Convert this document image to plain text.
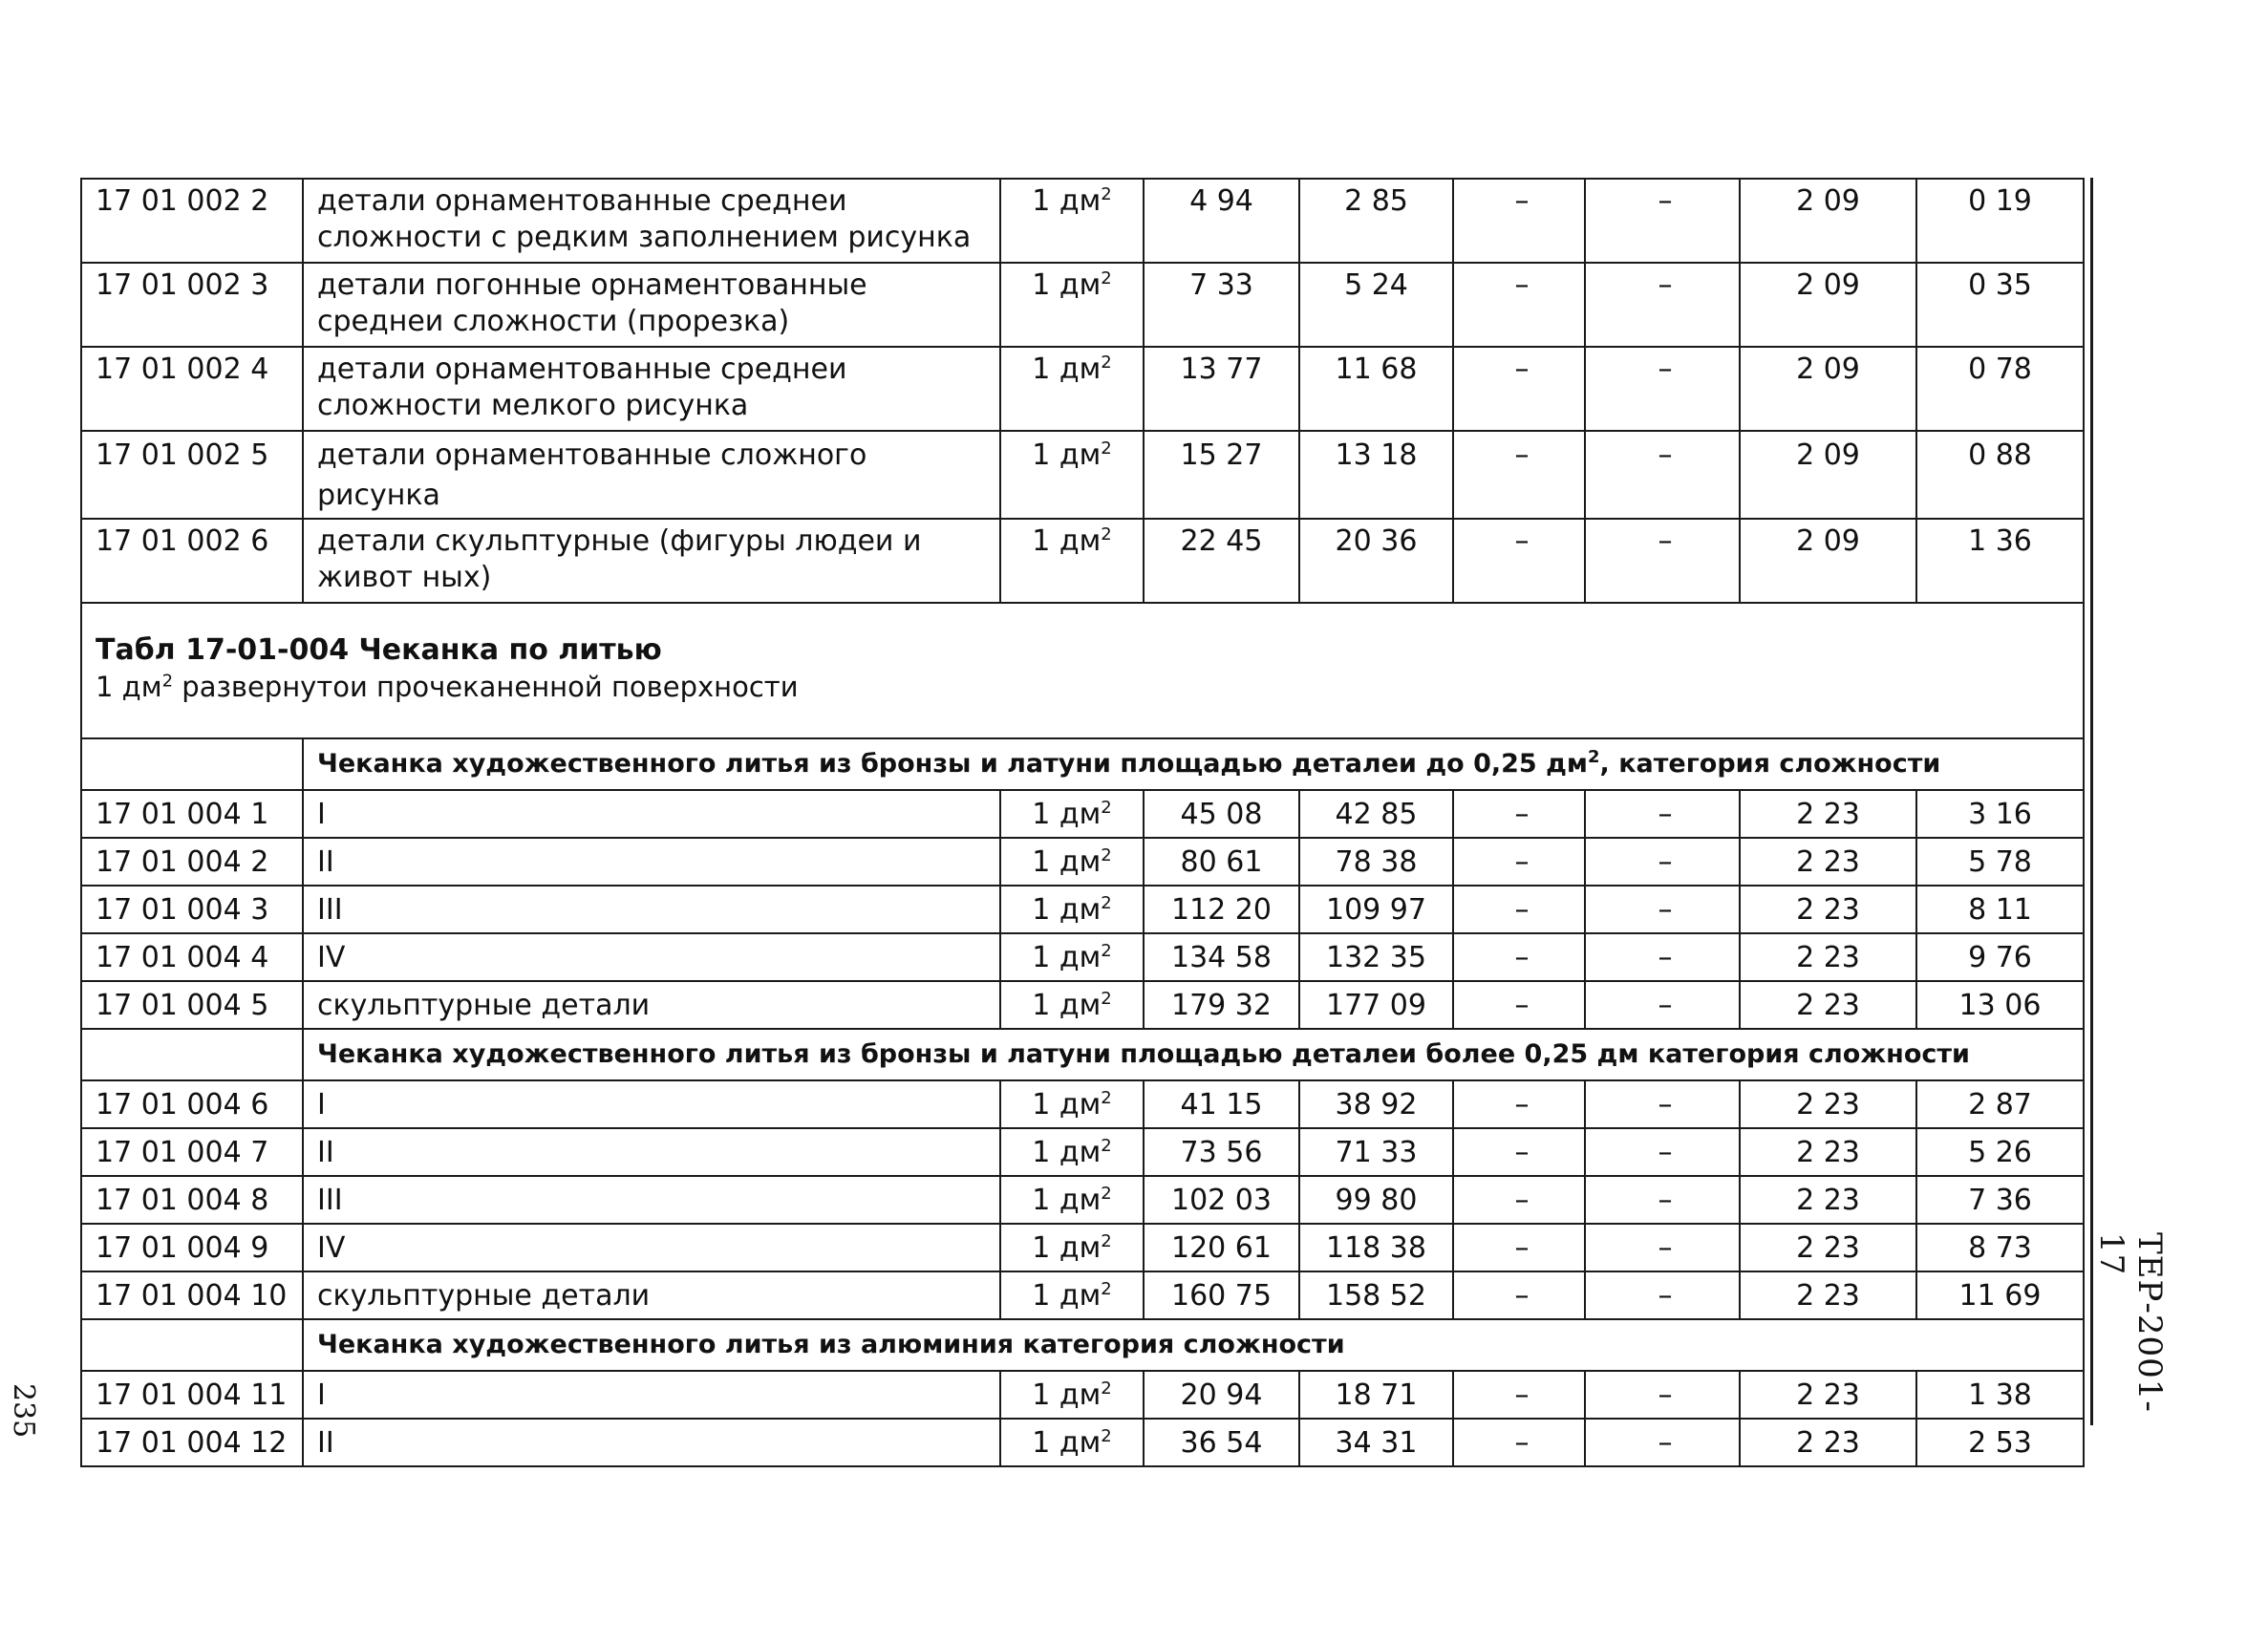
17 01 002 2	детали орнаментованные среднеи сложности с редким заполнением рисунка	1 $дм^2$	4 94	2 85	–	–	2 09	0 19
17 01 002 3	детали погонные орнаментованные среднеи сложности (прорезка)	1 $дм^2$	7 33	5 24	–	–	2 09	0 35
17 01 002 4	детали орнаментованные среднеи сложности мелкого рисунка	1 $дм^2$	13 77	11 68	–	–	2 09	0 78
17 01 002 5	детали орнаментованные сложного рисунка	1 $дм^2$	15 27	13 18	–	–	2 09	0 88
17 01 002 6	детали скульптурные (фигуры людеи и живот ных)	1 $дм^2$	22 45	20 36	–	–	2 09	1 36

Табл 17-01-004 Чеканка по литью
1 $дм^2$ развернутои прочеканенной поверхности								

	Чеканка художественного литья из бронзы и латуни площадью деталеи до 0,25 $дм^2$, категория сложности							
17 01 004 1	I	1 $дм^2$	45 08	42 85	–	–	2 23	3 16
17 01 004 2	II	1 $дм^2$	80 61	78 38	–	–	2 23	5 78
17 01 004 3	III	1 $дм^2$	112 20	109 97	–	–	2 23	8 11
17 01 004 4	IV	1 $дм^2$	134 58	132 35	–	–	2 23	9 76
17 01 004 5	скульптурные детали	1 $дм^2$	179 32	177 09	–	–	2 23	13 06
	Чеканка художественного литья из бронзы и латуни площадью деталеи более 0,25 дм категория сложности							
17 01 004 6	I	1 $дм^2$	41 15	38 92	–	–	2 23	2 87
17 01 004 7	II	1 $дм^2$	73 56	71 33	–	–	2 23	5 26
17 01 004 8	III	1 $дм^2$	102 03	99 80	–	–	2 23	7 36
17 01 004 9	IV	1 $дм^2$	120 61	118 38	–	–	2 23	8 73
17 01 004 10	скульптурные детали	1 $дм^2$	160 75	158 52	–	–	2 23	11 69
	Чеканка художественного литья из алюминия категория сложности							
17 01 004 11	I	1 $дм^2$	20 94	18 71	–	–	2 23	1 38
17 01 004 12	II	1 $дм^2$	36 54	34 31	–	–	2 23	2 53
ТЕР-2001-17
235
